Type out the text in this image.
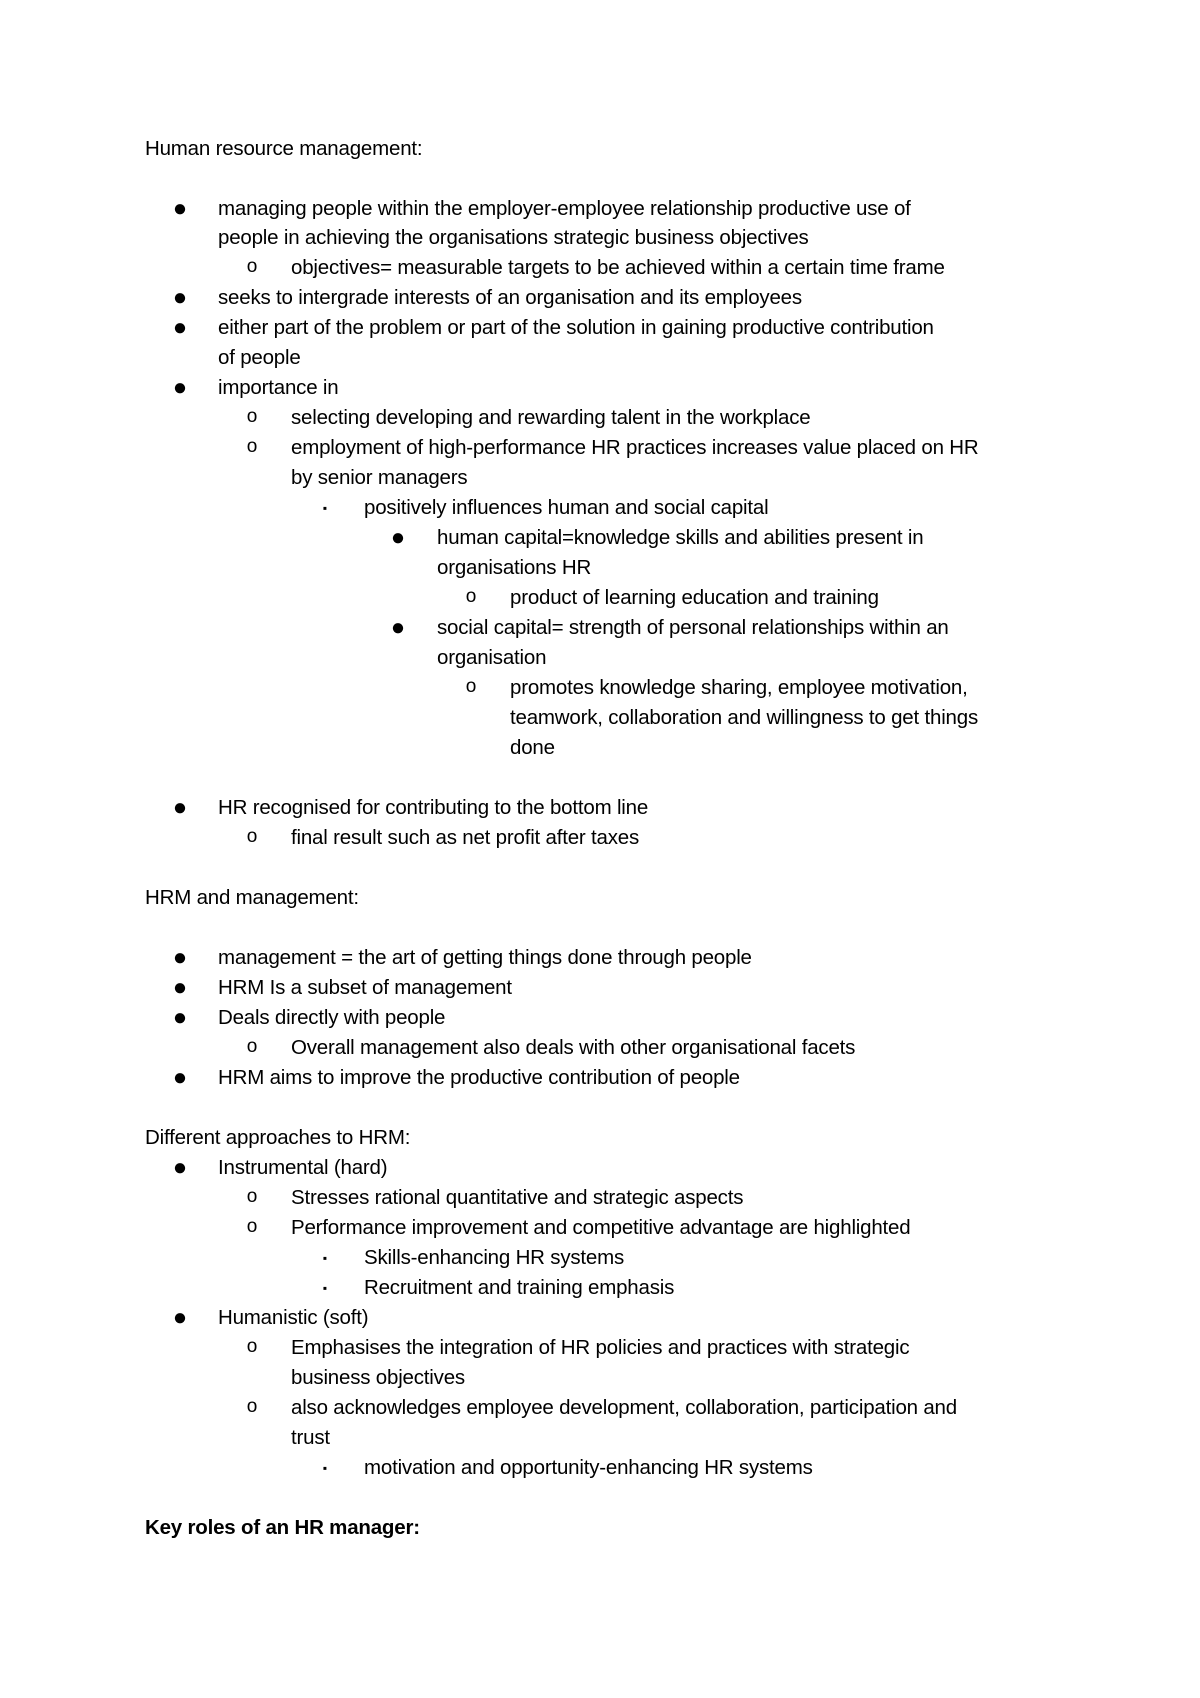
Human resource management:
● managing people within the employer-employee relationship productive use of
people in achieving the organisations strategic business objectives
o objectives= measurable targets to be achieved within a certain time frame
● seeks to intergrade interests of an organisation and its employees
● either part of the problem or part of the solution in gaining productive contribution
of people
● importance in
o selecting developing and rewarding talent in the workplace
o employment of high-performance HR practices increases value placed on HR
by senior managers
▪	positively influences human and social capital
● human capital=knowledge skills and abilities present in
organisations HR
o product of learning education and training
● social capital= strength of personal relationships within an
organisation
o promotes knowledge sharing, employee motivation,
teamwork, collaboration and willingness to get things
done
● HR recognised for contributing to the bottom line
o final result such as net profit after taxes
HRM and management:
● management = the art of getting things done through people
● HRM Is a subset of management
● Deals directly with people
o Overall management also deals with other organisational facets
● HRM aims to improve the productive contribution of people
Different approaches to HRM:
● Instrumental (hard)
o Stresses rational quantitative and strategic aspects
o Performance improvement and competitive advantage are highlighted
▪	Skills-enhancing HR systems
▪	Recruitment and training emphasis
● Humanistic (soft)
o Emphasises the integration of HR policies and practices with strategic
business objectives
o also acknowledges employee development, collaboration, participation and
trust
▪	motivation and opportunity-enhancing HR systems
Key roles of an HR manager:
